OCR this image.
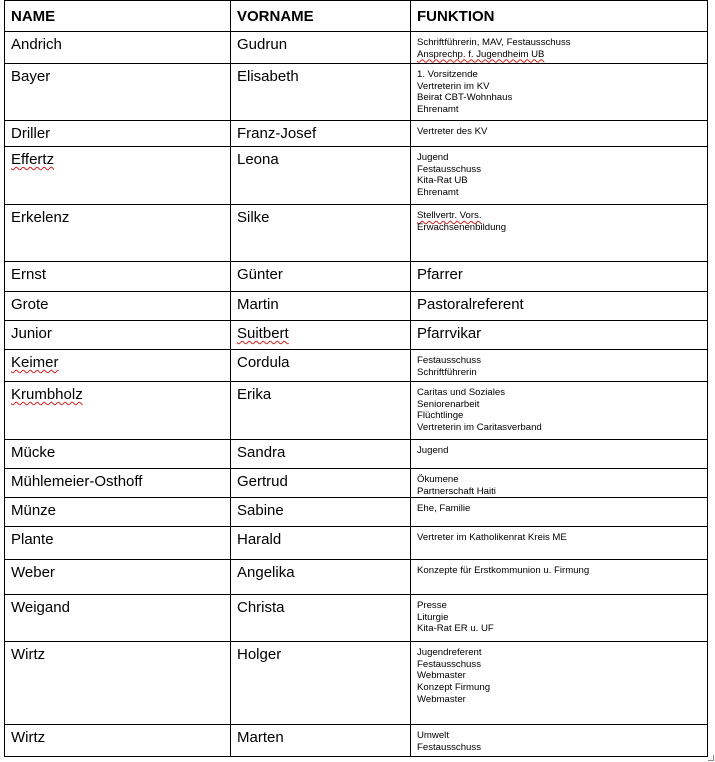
NAME	VORNAME	FUNKTION
Andrich	Gudrun	Schriftführerin, MAV, Festausschuss
Ansprechp. f. Jugendheim UB

Bayer	Elisabeth	1. Vorsitzende
Vertreterin im KV
Beirat CBT-Wohnhaus
Ehrenamt

Driller	Franz-Josef	Vertreter des KV

Effertz	Leona	Jugend
Festausschuss
Kita-Rat UB
Ehrenamt

Erkelenz	Silke	Stellvertr. Vors.
Erwachsenenbildung

Ernst	Günter	Pfarrer

Grote	Martin	Pastoralreferent

Junior	Suitbert	Pfarrvikar

Keimer	Cordula	Festausschuss
Schriftführerin

Krumbholz	Erika	Caritas und Soziales
Seniorenarbeit
Flüchtlinge
Vertreterin im Caritasverband

Mücke	Sandra	Jugend

Mühlemeier-Osthoff	Gertrud	Ökumene
Partnerschaft Haiti

Münze	Sabine	Ehe, Familie

Plante	Harald	Vertreter im Katholikenrat Kreis ME

Weber	Angelika	Konzepte für Erstkommunion u. Firmung

Weigand	Christa	Presse
Liturgie
Kita-Rat ER u. UF

Wirtz	Holger	Jugendreferent
Festausschuss
Webmaster
Konzept Firmung
Webmaster

Wirtz	Marten	Umwelt
Festausschuss
